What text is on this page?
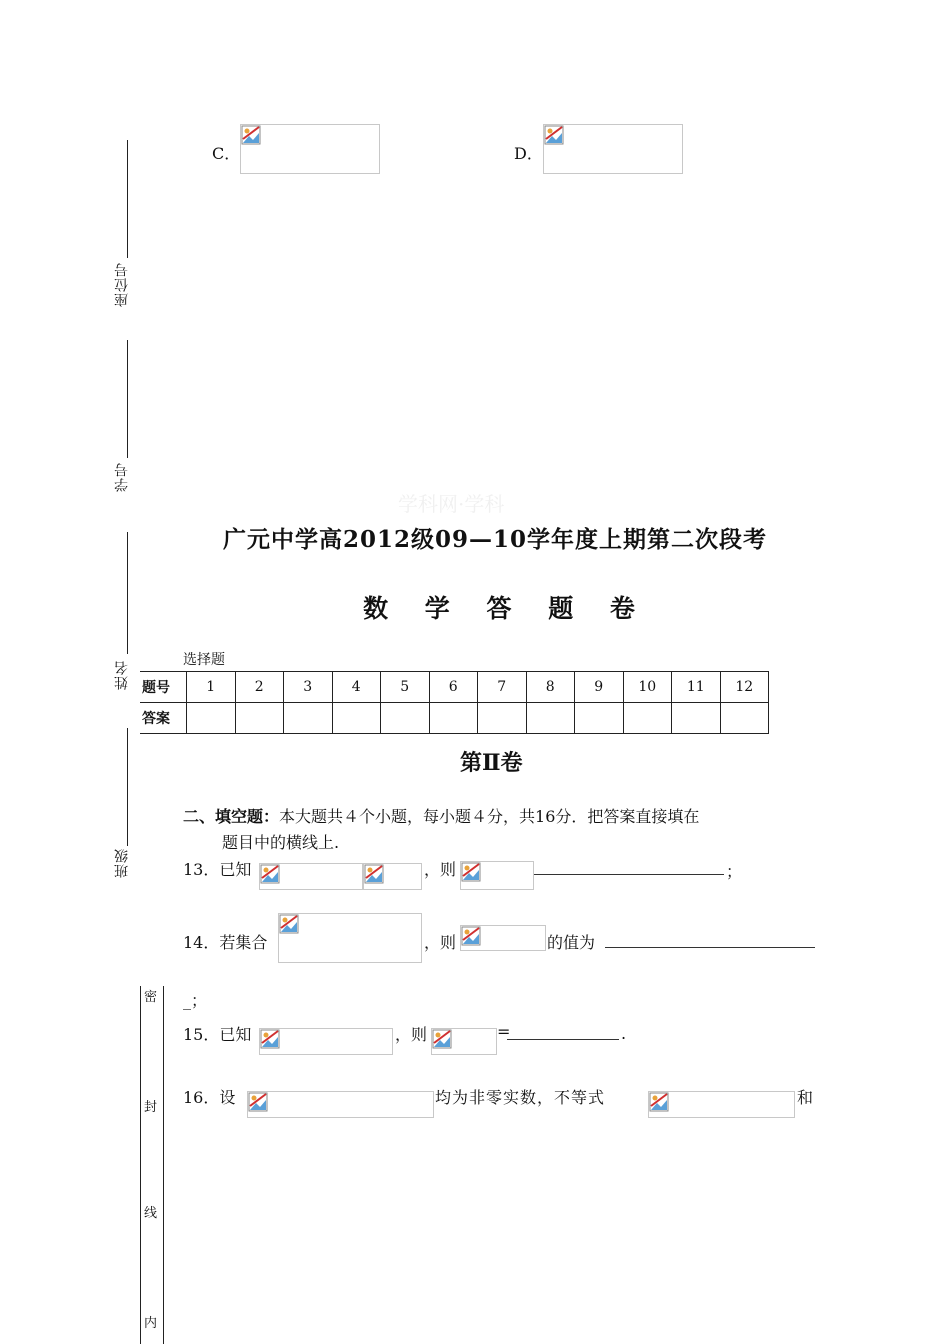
C．	D．
座位号
学号
姓名
班级
密
封
线
内
学科网·学科
广元中学高2012级09—10学年度上期第二次段考
数 学 答 题 卷
选择题
题号	1	2	3	4	5	6	7	8	9	10	11	12
答案												
第Ⅱ卷
二、填空题：本大题共４个小题，每小题４分，共16分．把答案直接填在
题目中的横线上.
13．已知	，则	；
14．若集合	，则	的值为
_；
15．已知	，则	=	.
16．设	均为非零实数，不等式	和
